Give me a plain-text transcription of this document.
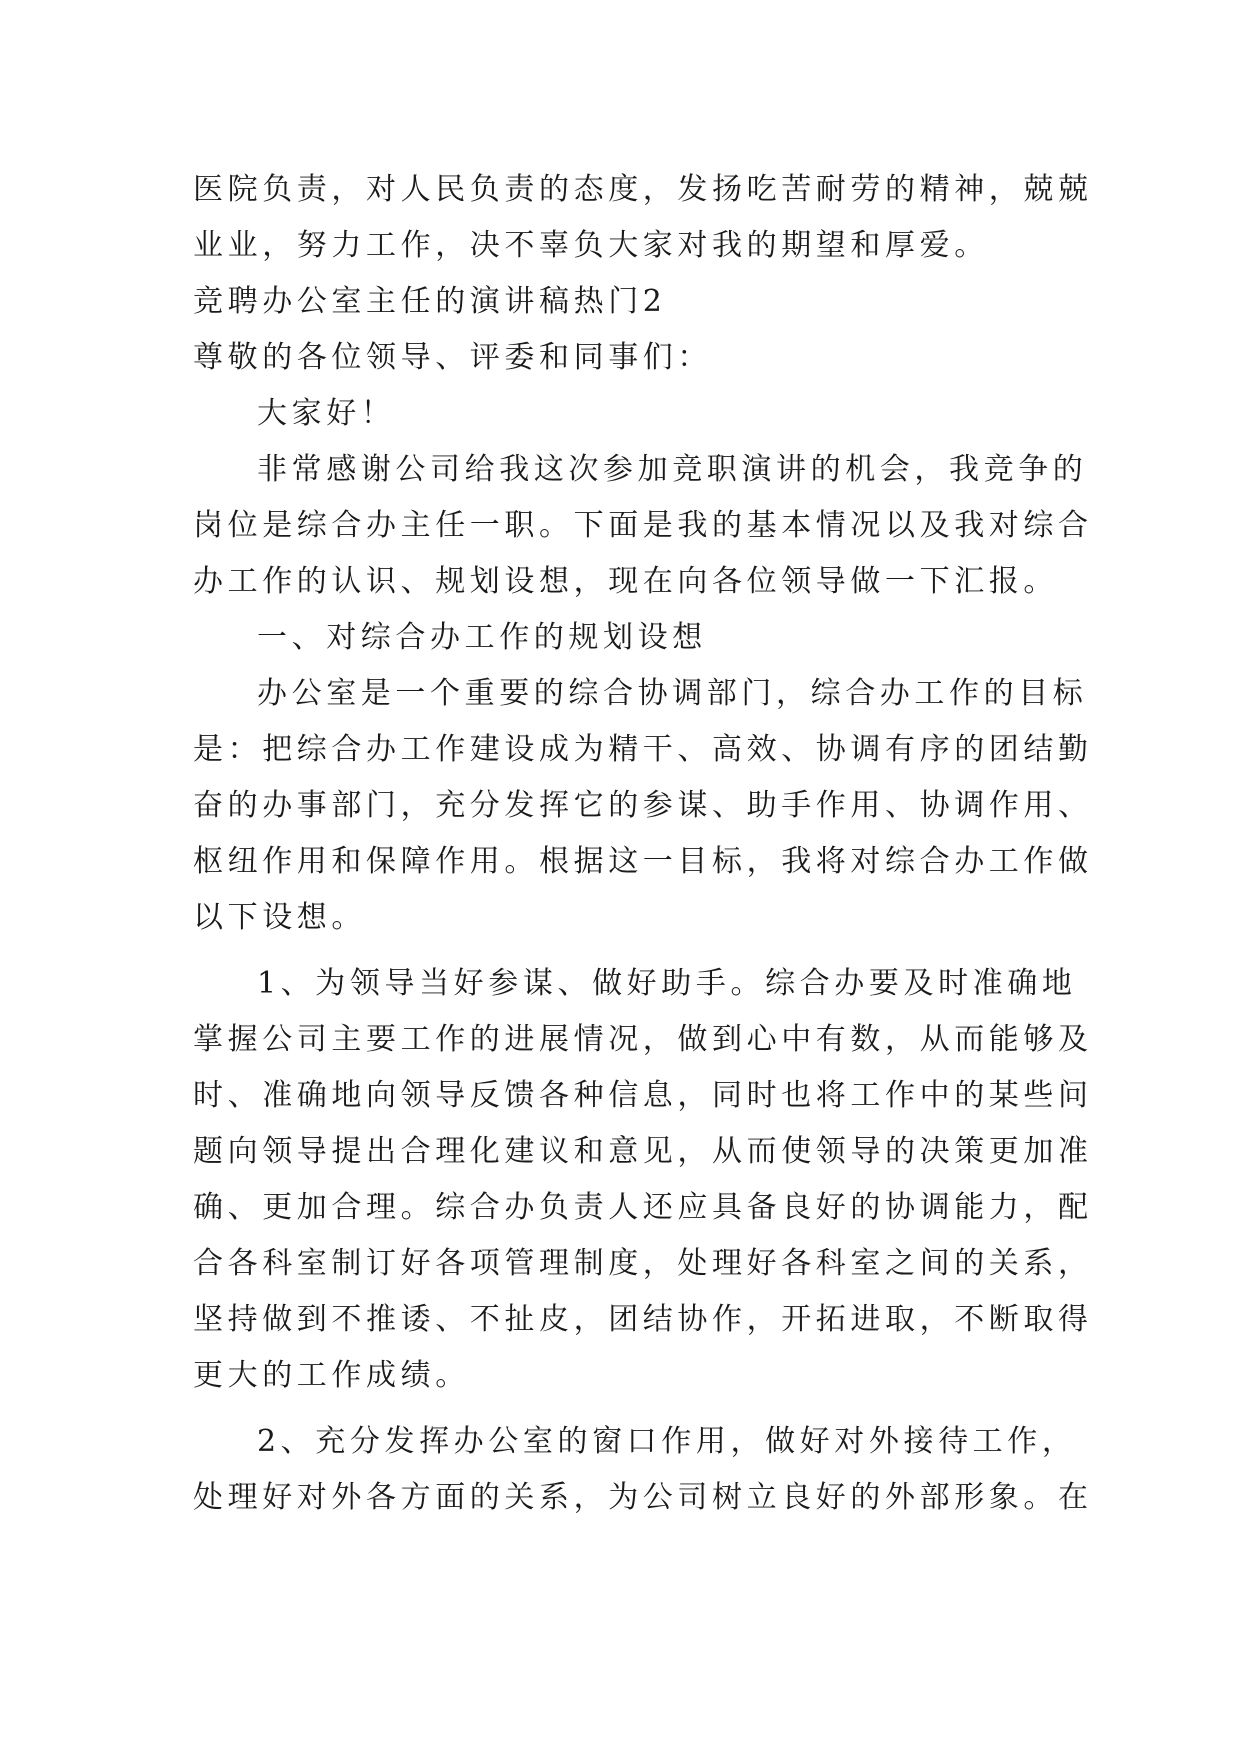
医院负责，对人民负责的态度，发扬吃苦耐劳的精神，兢兢
业业，努力工作，决不辜负大家对我的期望和厚爱。
竞聘办公室主任的演讲稿热门2
尊敬的各位领导、评委和同事们：
大家好！
非常感谢公司给我这次参加竞职演讲的机会，我竞争的
岗位是综合办主任一职。下面是我的基本情况以及我对综合
办工作的认识、规划设想，现在向各位领导做一下汇报。
一、对综合办工作的规划设想
办公室是一个重要的综合协调部门，综合办工作的目标
是：把综合办工作建设成为精干、高效、协调有序的团结勤
奋的办事部门，充分发挥它的参谋、助手作用、协调作用、
枢纽作用和保障作用。根据这一目标，我将对综合办工作做
以下设想。
1、为领导当好参谋、做好助手。综合办要及时准确地
掌握公司主要工作的进展情况，做到心中有数，从而能够及
时、准确地向领导反馈各种信息，同时也将工作中的某些问
题向领导提出合理化建议和意见，从而使领导的决策更加准
确、更加合理。综合办负责人还应具备良好的协调能力，配
合各科室制订好各项管理制度，处理好各科室之间的关系，
坚持做到不推诿、不扯皮，团结协作，开拓进取，不断取得
更大的工作成绩。
2、充分发挥办公室的窗口作用，做好对外接待工作，
处理好对外各方面的关系，为公司树立良好的外部形象。在
